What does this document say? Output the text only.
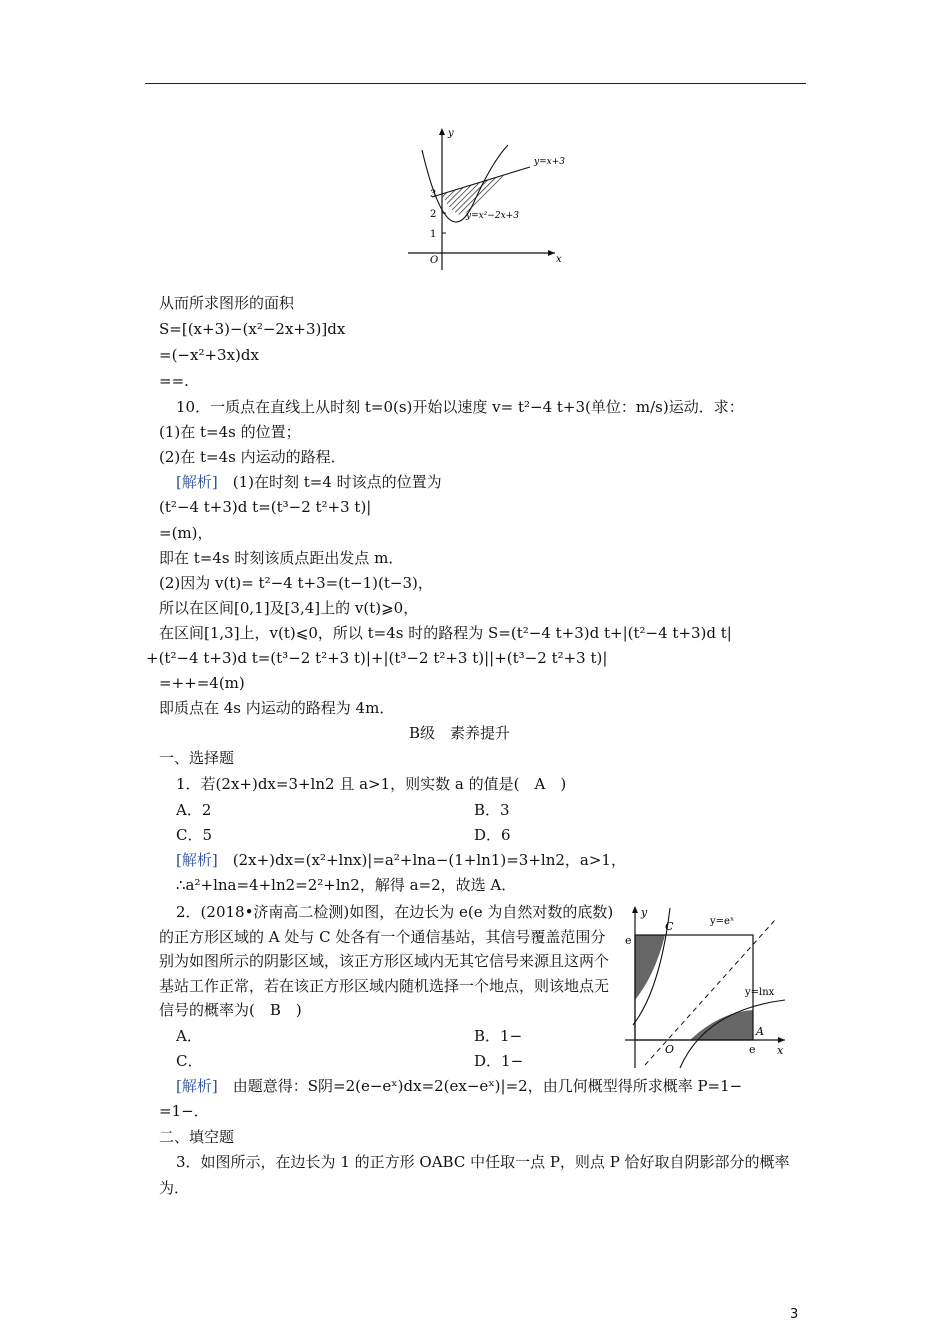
y
x
O
3
2
1
y=x+3
y=x²−2x+3
从而所求图形的面积
S=[(x+3)−(x²−2x+3)]dx
=(−x²+3x)dx
==.
10．一质点在直线上从时刻 t=0(s)开始以速度 v= t²−4 t+3(单位：m/s)运动．求：
(1)在 t=4s 的位置；
(2)在 t=4s 内运动的路程．
[解析]　 (1)在时刻 t=4 时该点的位置为
(t²−4 t+3)d t=(t³−2 t²+3 t)|
=(m)，
即在 t=4s 时刻该质点距出发点 m．
(2)因为 v(t)= t²−4 t+3=(t−1)(t−3)，
所以在区间[0,1]及[3,4]上的 v(t)⩾0，
在区间[1,3]上，v(t)⩽0，所以 t=4s 时的路程为 S=(t²−4 t+3)d t+|(t²−4 t+3)d t|
+(t²−4 t+3)d t=(t³−2 t²+3 t)|+|(t³−2 t²+3 t)||+(t³−2 t²+3 t)|
=++=4(m)
即质点在 4s 内运动的路程为 4m．
B级　素养提升
一、选择题
1．若(2x+)dx=3+ln2 且 a>1，则实数 a 的值是(　A　)
A．2	B．3
C．5	D．6
[解析]　 (2x+)dx=(x²+lnx)|=a²+lna−(1+ln1)=3+ln2，a>1，
∴a²+lna=4+ln2=2²+ln2，解得 a=2，故选 A．
2．(2018•济南高二检测)如图，在边长为 e(e 为自然对数的底数)的正方形区域的 A 处与 C 处各有一个通信基站，其信号覆盖范围分别为如图所示的阴影区域，该正方形区域内无其它信号来源且这两个基站工作正常，若在该正方形区域内随机选择一个地点，则该地点无信号的概率为(　B　)
A．	B．1−
C．	D．1−
[解析]　 由题意得：S阴=2(e−eˣ)dx=2(ex−eˣ)|=2，由几何概型得所求概率 P=1−
=1−．
二、填空题
3．如图所示，在边长为 1 的正方形 OABC 中任取一点 P，则点 P 恰好取自阴影部分的概率
为．
y
x
O
y=eˣ
y=lnx
C
A
e
e
3
